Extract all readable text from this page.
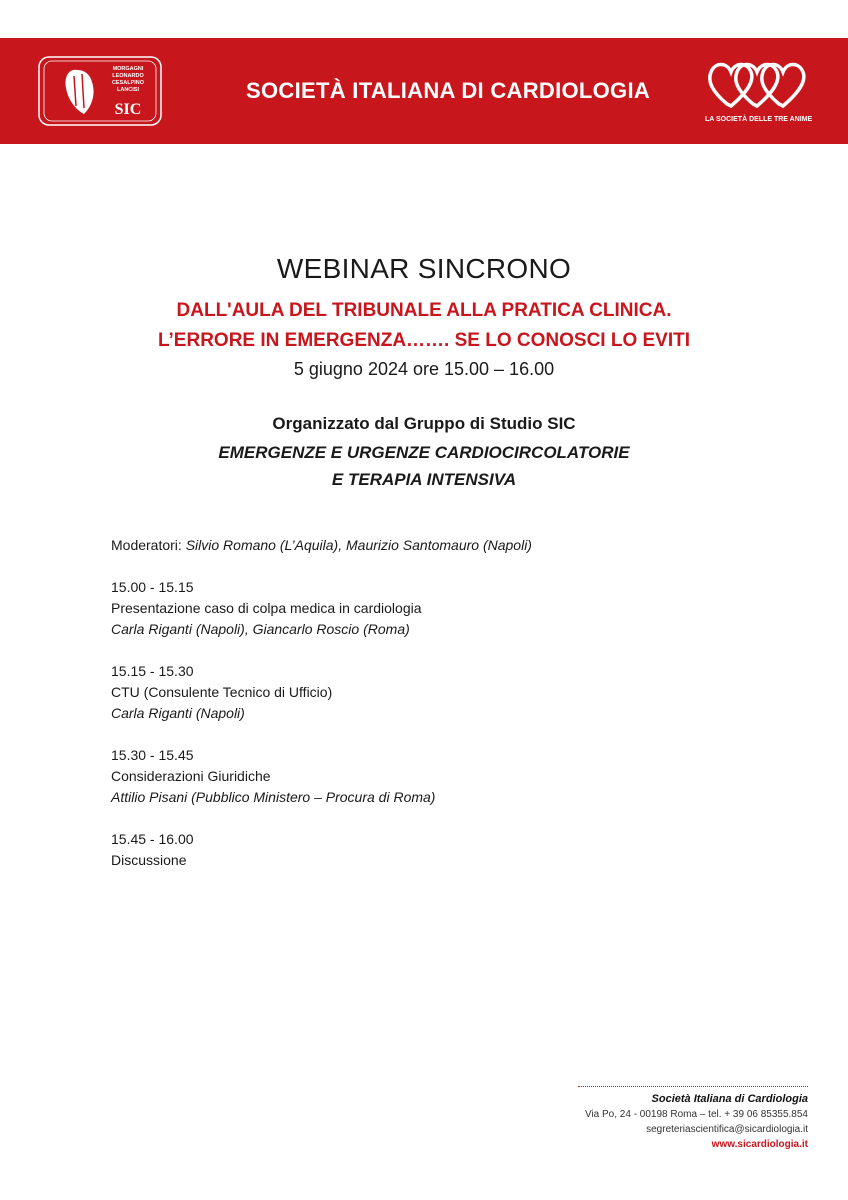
MORGAGNI
LEONARDO
CESALPINO
LANCISI
SIC
SOCIETÀ ITALIANA DI CARDIOLOGIA
LA SOCIETÀ DELLE TRE ANIME
WEBINAR SINCRONO
DALL'AULA DEL TRIBUNALE ALLA PRATICA CLINICA.
L’ERRORE IN EMERGENZA……. SE LO CONOSCI LO EVITI
5 giugno 2024 ore 15.00 – 16.00
Organizzato dal Gruppo di Studio SIC
EMERGENZE E URGENZE CARDIOCIRCOLATORIE
E TERAPIA INTENSIVA
Moderatori: Silvio Romano (L’Aquila), Maurizio Santomauro (Napoli)
15.00 - 15.15
Presentazione caso di colpa medica in cardiologia
Carla Riganti (Napoli), Giancarlo Roscio (Roma)
15.15 - 15.30
CTU (Consulente Tecnico di Ufficio)
Carla Riganti (Napoli)
15.30 - 15.45
Considerazioni Giuridiche
Attilio Pisani (Pubblico Ministero – Procura di Roma)
15.45 - 16.00
Discussione
Società Italiana di Cardiologia
Via Po, 24 - 00198 Roma – tel. + 39 06 85355.854
segreteriascientifica@sicardiologia.it
www.sicardiologia.it
